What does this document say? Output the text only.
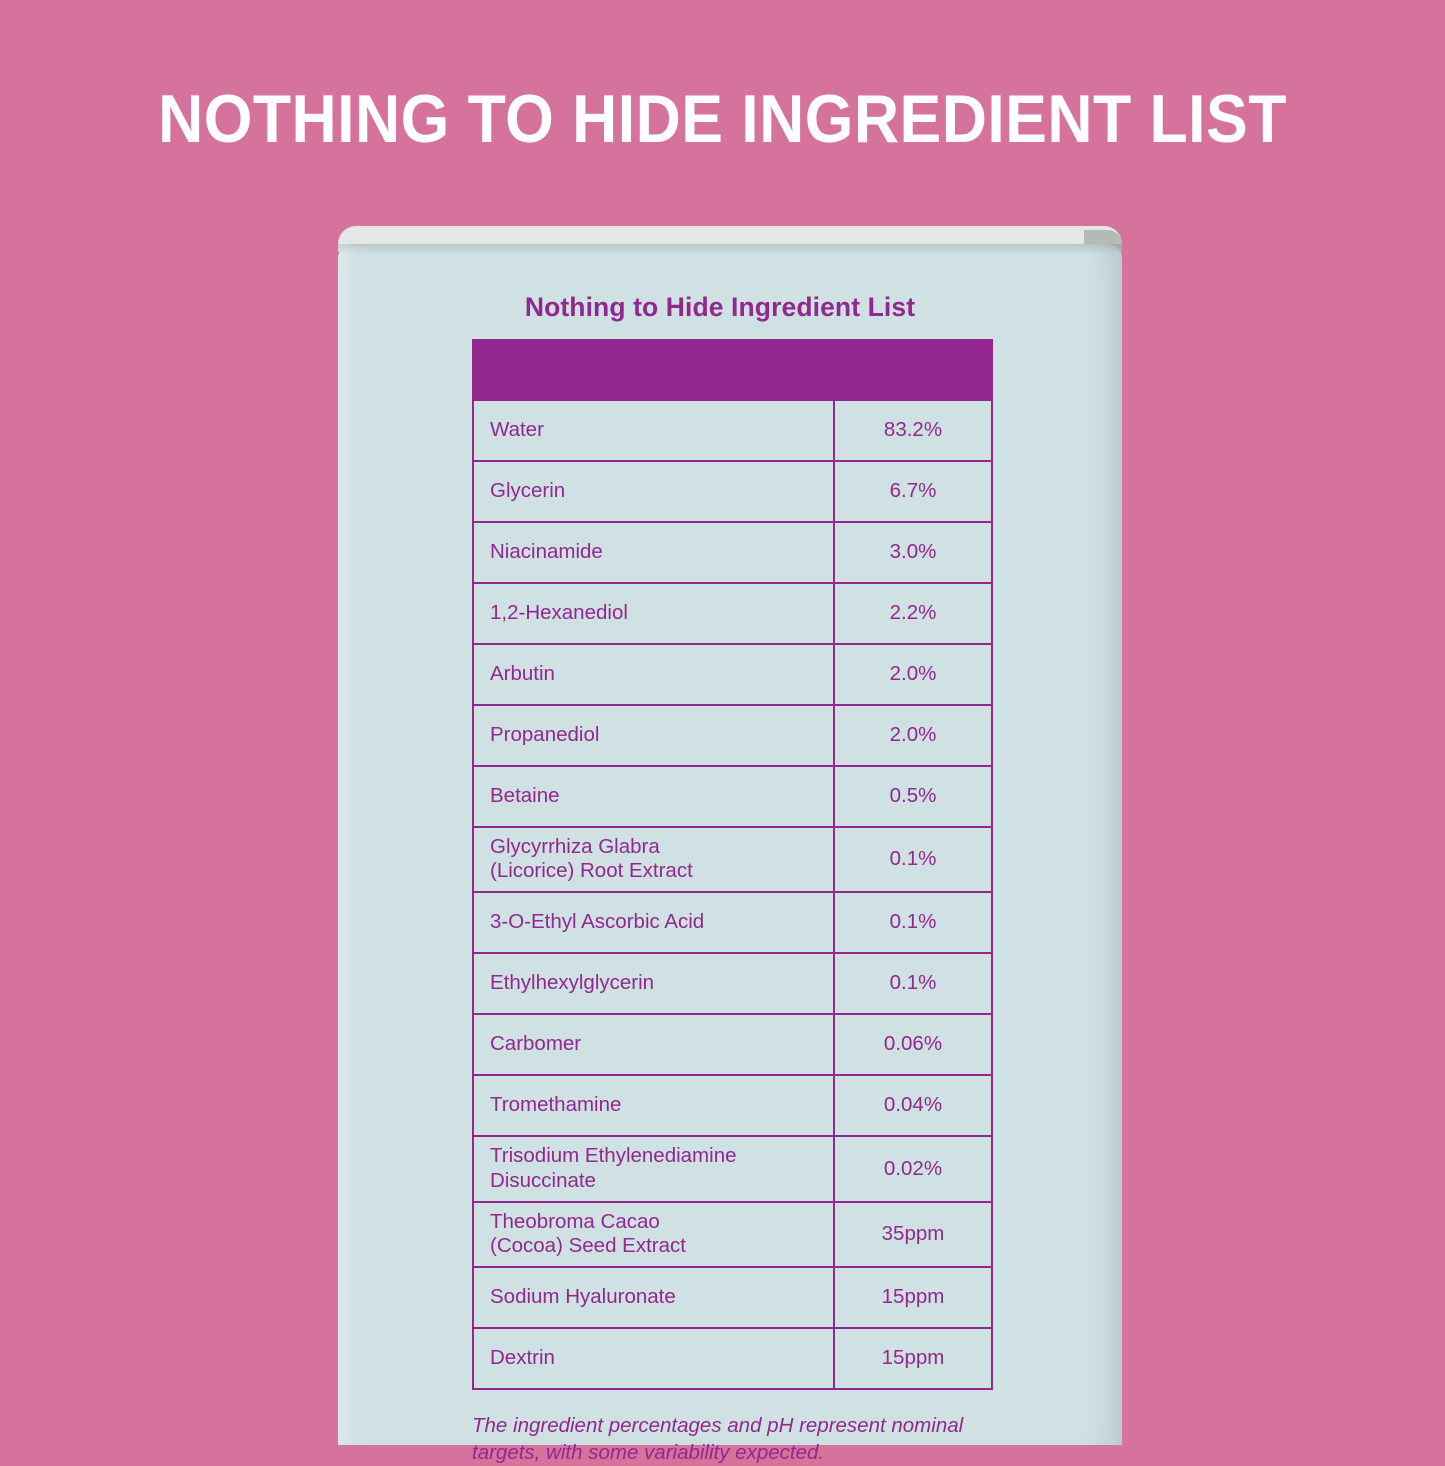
NOTHING TO HIDE INGREDIENT LIST
Nothing to Hide Ingredient List
Ingredients	% / ppm
Water	83.2%
Glycerin	6.7%
Niacinamide	3.0%
1,2-Hexanediol	2.2%
Arbutin	2.0%
Propanediol	2.0%
Betaine	0.5%
Glycyrrhiza Glabra
(Licorice) Root Extract	0.1%
3-O-Ethyl Ascorbic Acid	0.1%
Ethylhexylglycerin	0.1%
Carbomer	0.06%
Tromethamine	0.04%
Trisodium Ethylenediamine
Disuccinate	0.02%
Theobroma Cacao
(Cocoa) Seed Extract	35ppm
Sodium Hyaluronate	15ppm
Dextrin	15ppm
The ingredient percentages and pH represent nominal targets, with some variability expected.
